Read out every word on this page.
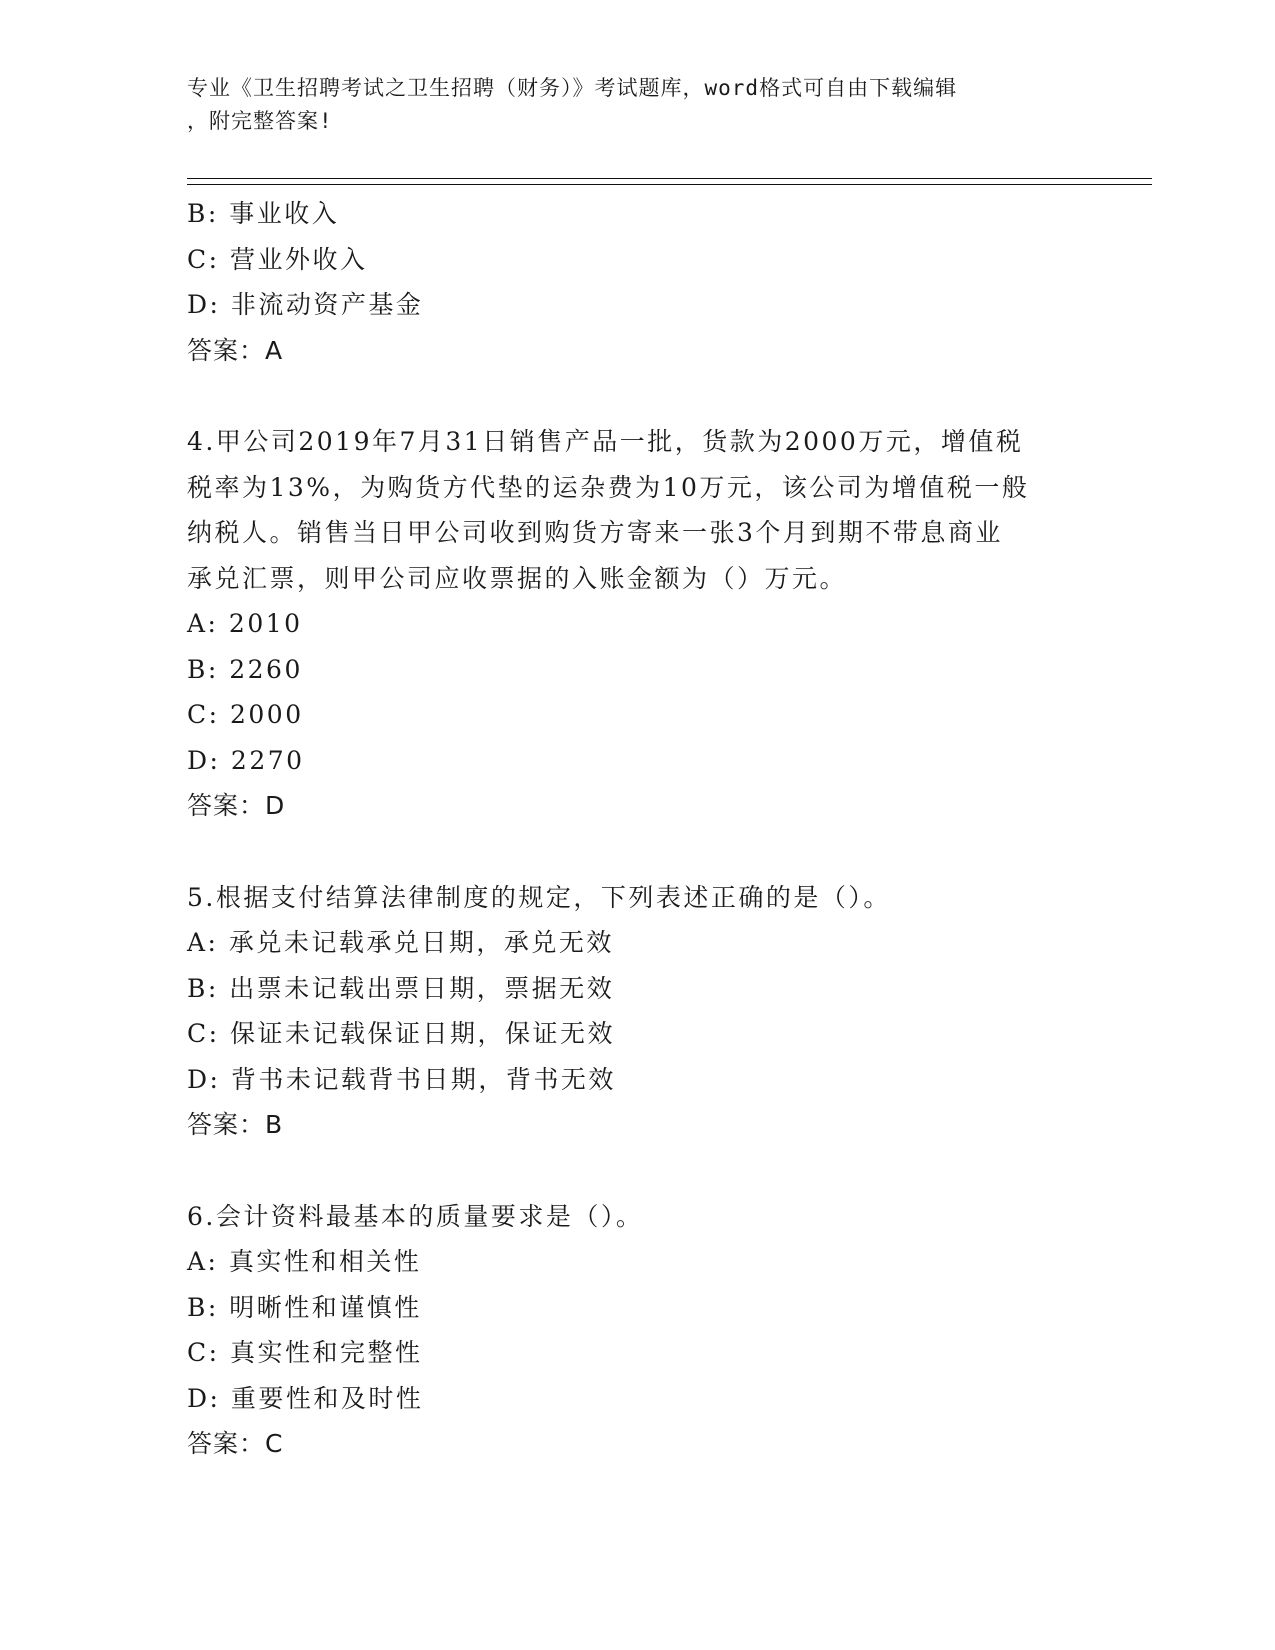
专业《卫生招聘考试之卫生招聘（财务）》考试题库，word格式可自由下载编辑
，附完整答案!
B: 事业收入
C: 营业外收入
D: 非流动资产基金
答案：A
4.甲公司2019年7月31日销售产品一批，货款为2000万元，增值税
税率为13%，为购货方代垫的运杂费为10万元，该公司为增值税一般
纳税人。销售当日甲公司收到购货方寄来一张3个月到期不带息商业
承兑汇票，则甲公司应收票据的入账金额为（）万元。
A: 2010
B: 2260
C: 2000
D: 2270
答案：D
5.根据支付结算法律制度的规定，下列表述正确的是（）。
A: 承兑未记载承兑日期，承兑无效
B: 出票未记载出票日期，票据无效
C: 保证未记载保证日期，保证无效
D: 背书未记载背书日期，背书无效
答案：B
6.会计资料最基本的质量要求是（）。
A: 真实性和相关性
B: 明晰性和谨慎性
C: 真实性和完整性
D: 重要性和及时性
答案：C
